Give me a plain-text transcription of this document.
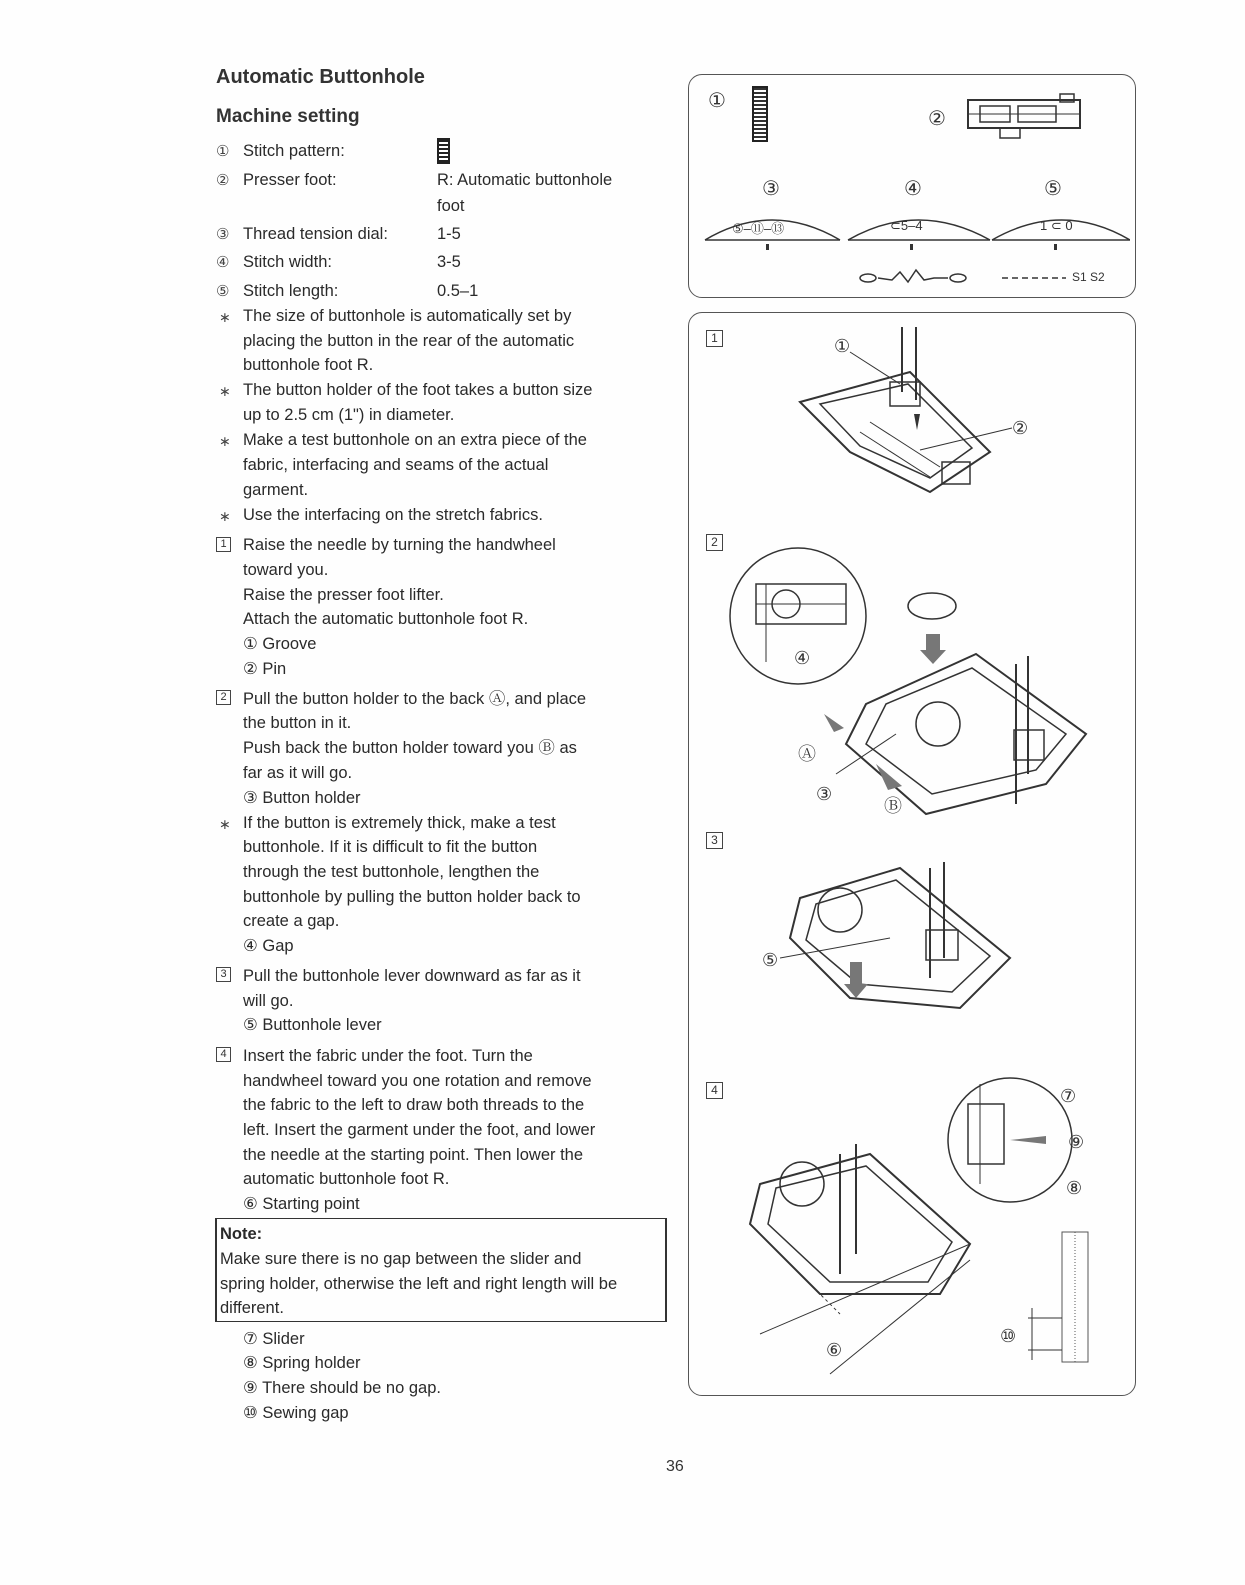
Automatic Buttonhole
Machine setting
① Stitch pattern:
② Presser foot:	R: Automatic buttonhole
foot
③ Thread tension dial:	1-5
④ Stitch width:	3-5
⑤ Stitch length:	0.5–1
∗ The size of buttonhole is automatically set by
placing the button in the rear of the automatic
buttonhole foot R.
∗ The button holder of the foot takes a button size
up to 2.5 cm (1") in diameter.
∗ Make a test buttonhole on an extra piece of the
fabric, interfacing and seams of the actual
garment.
∗ Use the interfacing on the stretch fabrics.
1 Raise the needle by turning the handwheel
toward you.
Raise the presser foot lifter.
Attach the automatic buttonhole foot R.
① Groove
② Pin
2 Pull the button holder to the back Ⓐ, and place
the button in it.
Push back the button holder toward you Ⓑ as
far as it will go.
③ Button holder
∗ If the button is extremely thick, make a test
buttonhole. If it is difficult to fit the button
through the test buttonhole, lengthen the
buttonhole by pulling the button holder back to
create a gap.
④ Gap
3 Pull the buttonhole lever downward as far as it
will go.
⑤ Buttonhole lever
4 Insert the fabric under the foot. Turn the
handwheel toward you one rotation and remove
the fabric to the left to draw both threads to the
left. Insert the garment under the foot, and lower
the needle at the starting point. Then lower the
automatic buttonhole foot R.
⑥ Starting point
Note:
Make sure there is no gap between the slider and
spring holder, otherwise the left and right length will be
different.
⑦ Slider
⑧ Spring holder
⑨ There should be no gap.
⑩ Sewing gap
①
②
③	④	⑤
⑤–⑪–⑬	⊂5–4	1 ⊂ 0
S1 S2
1
2
3
4
①
②
④
Ⓐ
③
Ⓑ
⑤
⑦
⑨
⑧
⑩
⑥
36
